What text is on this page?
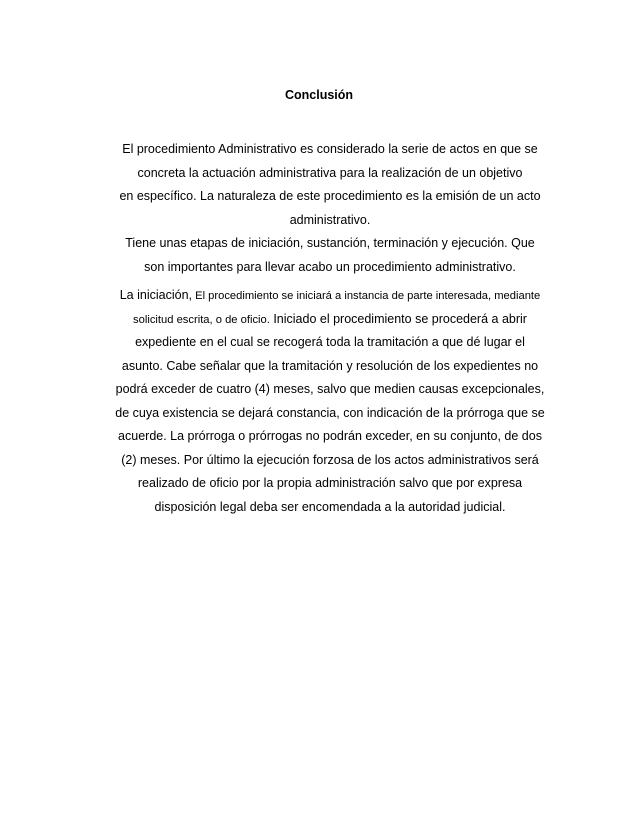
Conclusión
El procedimiento Administrativo es considerado la serie de actos en que se
concreta la actuación administrativa para la realización de un objetivo
en específico. La naturaleza de este procedimiento es la emisión de un acto
administrativo.
Tiene unas etapas de iniciación, sustanción, terminación y ejecución. Que
son importantes para llevar acabo un procedimiento administrativo.
La iniciación, El procedimiento se iniciará a instancia de parte interesada, mediante
solicitud escrita, o de oficio. Iniciado el procedimiento se procederá a abrir
expediente en el cual se recogerá toda la tramitación a que dé lugar el
asunto. Cabe señalar que la tramitación y resolución de los expedientes no
podrá exceder de cuatro (4) meses, salvo que medien causas excepcionales,
de cuya existencia se dejará constancia, con indicación de la prórroga que se
acuerde. La prórroga o prórrogas no podrán exceder, en su conjunto, de dos
(2) meses. Por último la ejecución forzosa de los actos administrativos será
realizado de oficio por la propia administración salvo que por expresa
disposición legal deba ser encomendada a la autoridad judicial.
